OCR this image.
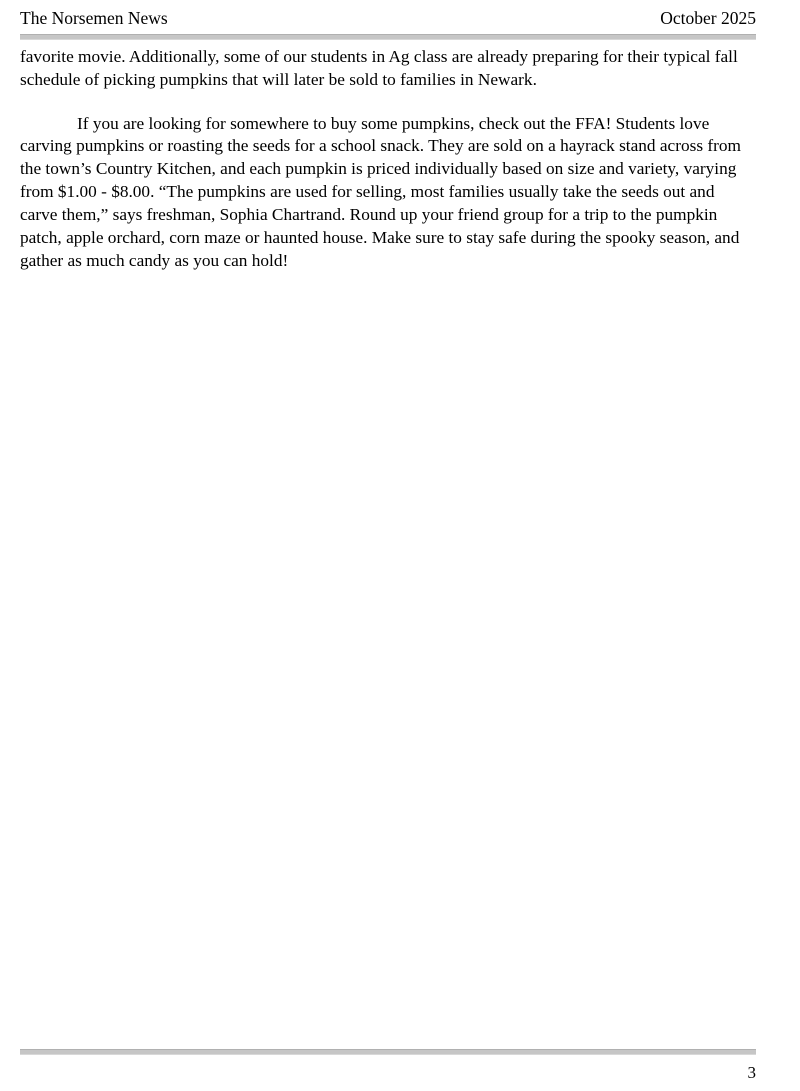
The Norsemen News	October 2025

favorite movie. Additionally, some of our students in Ag class are already preparing for their typical fall schedule of picking pumpkins that will later be sold to families in Newark.

If you are looking for somewhere to buy some pumpkins, check out the FFA! Students love carving pumpkins or roasting the seeds for a school snack. They are sold on a hayrack stand across from the town’s Country Kitchen, and each pumpkin is priced individually based on size and variety, varying from $1.00 - $8.00. “The pumpkins are used for selling, most families usually take the seeds out and carve them,” says freshman, Sophia Chartrand. Round up your friend group for a trip to the pumpkin patch, apple orchard, corn maze or haunted house. Make sure to stay safe during the spooky season, and gather as much candy as you can hold!

3
